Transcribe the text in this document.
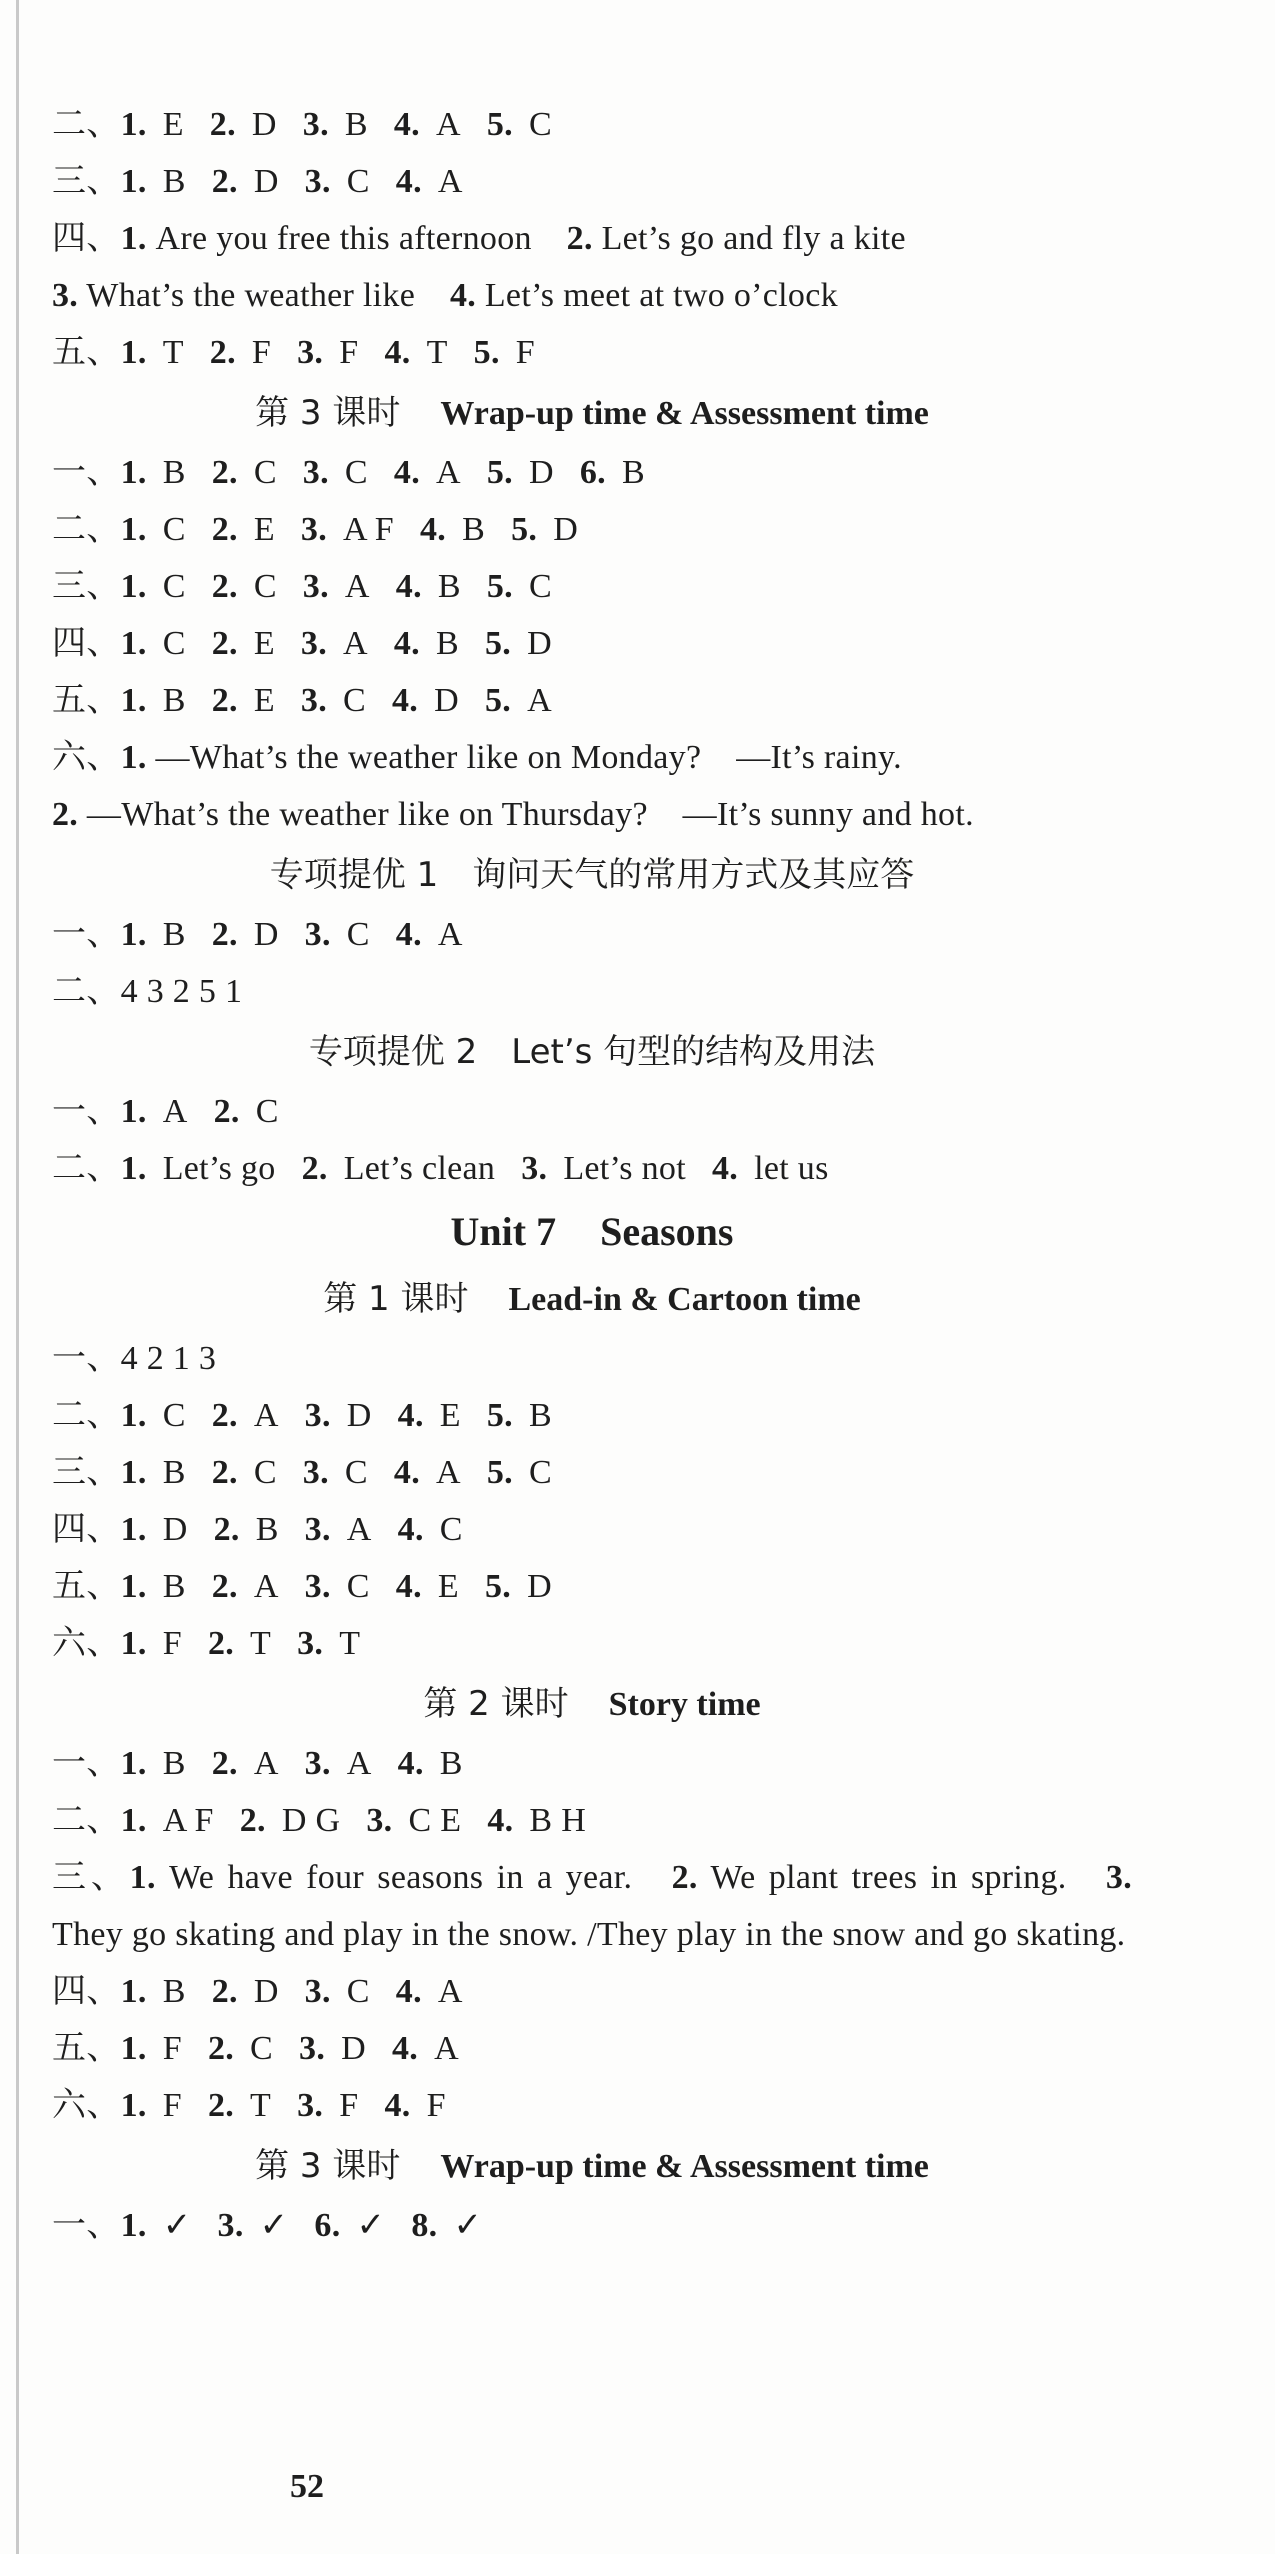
二、1. E 2. D 3. B 4. A 5. C
三、1. B 2. D 3. C 4. A
四、1. Are you free this afternoon 2. Let’s go and fly a kite
3. What’s the weather like 4. Let’s meet at two o’clock
五、1. T 2. F 3. F 4. T 5. F
第 3 课时 Wrap-up time & Assessment time
一、1. B 2. C 3. C 4. A 5. D 6. B
二、1. C 2. E 3. A F 4. B 5. D
三、1. C 2. C 3. A 4. B 5. C
四、1. C 2. E 3. A 4. B 5. D
五、1. B 2. E 3. C 4. D 5. A
六、1. —What’s the weather like on Monday? —It’s rainy.
2. —What’s the weather like on Thursday? —It’s sunny and hot.
专项提优 1　询问天气的常用方式及其应答
一、1. B 2. D 3. C 4. A
二、4 3 2 5 1
专项提优 2　Let’s 句型的结构及用法
一、1. A 2. C
二、1. Let’s go 2. Let’s clean 3. Let’s not 4. let us
Unit 7 Seasons
第 1 课时 Lead-in & Cartoon time
一、4 2 1 3
二、1. C 2. A 3. D 4. E 5. B
三、1. B 2. C 3. C 4. A 5. C
四、1. D 2. B 3. A 4. C
五、1. B 2. A 3. C 4. E 5. D
六、1. F 2. T 3. T
第 2 课时 Story time
一、1. B 2. A 3. A 4. B
二、1. A F 2. D G 3. C E 4. B H
三、1. We have four seasons in a year. 2. We plant trees in spring. 3. They go skating and play in the snow. /They play in the snow and go skating.
四、1. B 2. D 3. C 4. A
五、1. F 2. C 3. D 4. A
六、1. F 2. T 3. F 4. F
第 3 课时 Wrap-up time & Assessment time
一、1. ✓ 3. ✓ 6. ✓ 8. ✓
52
